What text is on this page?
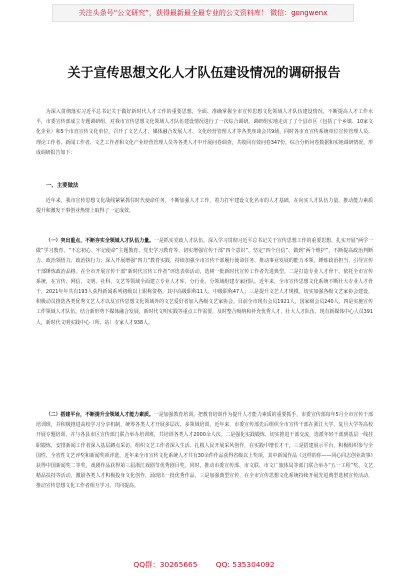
关注头条号“公文研究”，获得最新最全最专业的公文资料库！ 微信：gongwenx
关于宣传思想文化人才队伍建设情况的调研报告

为深入贯彻落实习近平总书记关于做好新时代人才工作的重要思想，全面、准确掌握全市宣传思想文化领域人才队伍建设情况，不断提高人才工作水平，市委宣传部成立专题调研组，对我市宣传思想文化领域人才队伍建设情况进行了一次综合调研。调研组实地走访了了个县市区（包括了个乡镇、10家文化企业）和5个市直宣传文化单位，召开了文艺人才、媒体融合发展人才、文化经营管理人才等各类座谈会共9场，同时各市直宣传系统单位宣传管理人员、理论工作者、新闻工作者、文艺工作者和文化产业经营管理人员等各类人才中开展问卷调查，共收回有效问卷347份。综合分析问卷数据和实地调研情况，形成调研报告如下：

一、主要做法

近年来，我市宣传思想文化战线紧紧抓住时代使命任务，不断加强人才工作，着力打牢建设文化名市的人才基础，在向实人才队伍力量、推动能力素质提升和激发干事创业热情上取得了一定成效。

（一）突出重点，不断夯实全领域人才队伍力量。一是抓实党政人才队伍。深入学习贯彻习近平总书记关于宣传思想工作的重要思想，扎实开展“两学一做”学习教育、“不忘初心、牢记使命”主题教育、党史学习教育等，切实增强宣传干部“四个意识”、坚定“四个自信”、做到“两个维护”，不断提高政治判断力、政治领悟力、政治执行力；深入开展增强“四力”教育实践，持续加强全市宣传干部履行使命任务、推动事业发展的能力本领，锤炼政治担当，引导宣传干部锤炼政治品格。在全市开展宣传干部“新时代宣传工作者”评选表彰活动，选树一批新时代宣传工作者先进典型。二是打造专业人才骨干。依托全市宣传系统，在宣传、网信、文明、社科、文艺等领域全面建立专业人才库，分行业、分领域组建专家团队。近年来，全市宣传思想文化系统不断壮大专业人才骨干，2021年年共有193人获得新闻系列初级以上职称资格，其中高级职称11人、中级职称47人；三是提升文艺人才规模。切实加强各级文艺家协会建设，积极动员推选各类优秀文艺人才以及宣传思想文化领域外的文艺爱好者加入各级文艺家协会。目前全市现有会员1921人，国家级会员240人，四是实施宣传工作领域人才队伍。结合新形势下媒体融合发展，新时代文明实践等重点工作需要，及时整合吸纳和补充优秀人才，壮大人才队伍，现有新媒体中心人员391人，新时代文明实践中心（所、站）专家人才938人。

（二）搭建平台，不断提升全领域人才能力素质。一是加强教育培训。把教育培训作为提升人才能力素质的重要抓手，市委宣传部每年5月全市宣传干部培训班，并积极推进高校学习分享机制，统筹各类人才开展多层次、多领域培训。近年来，市委宣传部先后组织全市宣传干部在浙江大学、复旦大学等高校开展专题培训，并与各县市区宣传部门联合举办培训班，共培训各类人才2000余人次。二是强化实践锻炼，切实推进干部交流，选派年轻干部到基层一线挂职锻炼，安排新闻工作者深入基层蹲点采访，组织文艺工作者深入生活、扎根人民开展采风创作，在实践中增长才干。三是搭建展示平台，积极组织参与全国性、全省性文艺评奖和新闻奖项评选，近年来全市宣传文化系统人才共有30余件作品获得省级以上奖项，其中新闻作品《这样的你——同心同志创业故事》获得中国新闻奖二等奖，戏剧作品获得第三届浙江戏剧节优秀剧目奖。同时，推动市委宣传部、市文联、市文广旅体局等部门联合举办“五一工程”奖、文艺精品扶持等活动，激励各类人才积极投身文化创作，涌现出一批优秀作品，三是加强典型宣传，在全市宣传思想文化系统持续开展先进典型选树宣传活动，推动宣传思想文化工作者相互学习、共同提高。

QQ群：30265665 QQ: 535304092
